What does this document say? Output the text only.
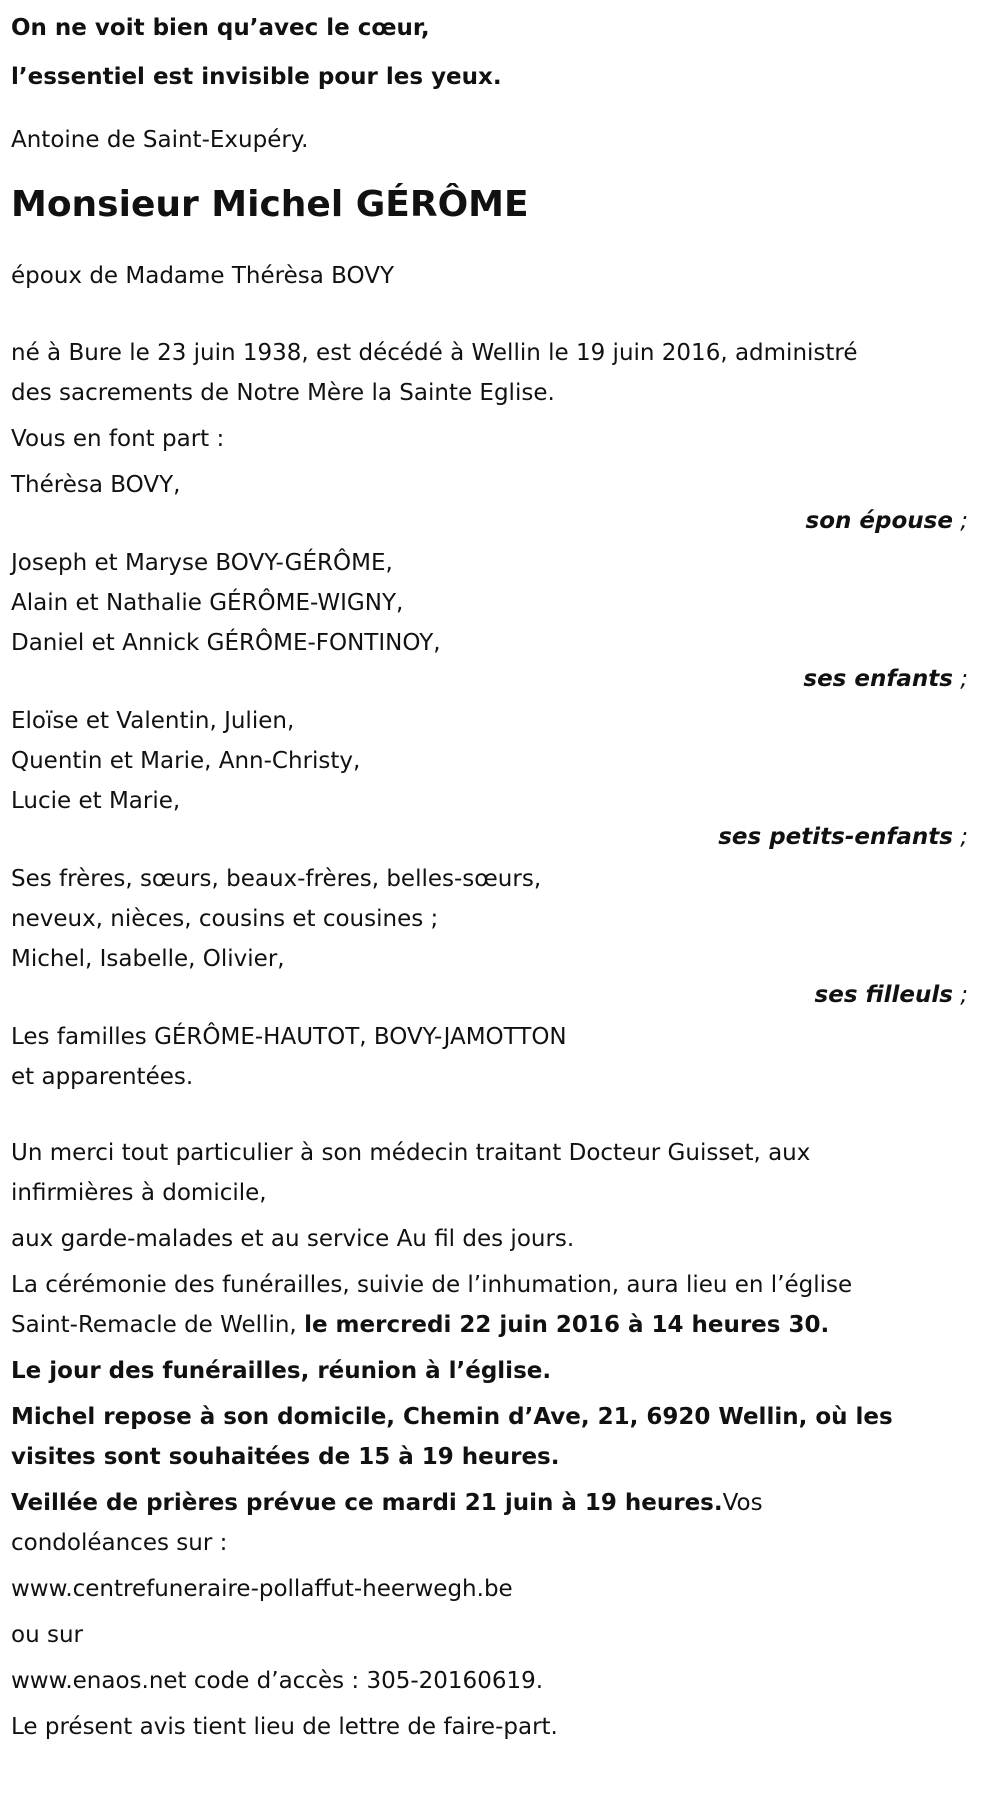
On ne voit bien qu’avec le cœur,
l’essentiel est invisible pour les yeux.
Antoine de Saint-Exupéry.
Monsieur Michel GÉRÔME
époux de Madame Thérèsa BOVY
né à Bure le 23 juin 1938, est décédé à Wellin le 19 juin 2016, administré
des sacrements de Notre Mère la Sainte Eglise.
Vous en font part :
Thérèsa BOVY,
son épouse ;
Joseph et Maryse BOVY-GÉRÔME,
Alain et Nathalie GÉRÔME-WIGNY,
Daniel et Annick GÉRÔME-FONTINOY,
ses enfants ;
Eloïse et Valentin, Julien,
Quentin et Marie, Ann-Christy,
Lucie et Marie,
ses petits-enfants ;
Ses frères, sœurs, beaux-frères, belles-sœurs,
neveux, nièces, cousins et cousines ;
Michel, Isabelle, Olivier,
ses filleuls ;
Les familles GÉRÔME-HAUTOT, BOVY-JAMOTTON
et apparentées.
Un merci tout particulier à son médecin traitant Docteur Guisset, aux
infirmières à domicile,
aux garde-malades et au service Au fil des jours.
La cérémonie des funérailles, suivie de l’inhumation, aura lieu en l’église
Saint-Remacle de Wellin, le mercredi 22 juin 2016 à 14 heures 30.
Le jour des funérailles, réunion à l’église.
Michel repose à son domicile, Chemin d’Ave, 21, 6920 Wellin, où les
visites sont souhaitées de 15 à 19 heures.
Veillée de prières prévue ce mardi 21 juin à 19 heures.Vos
condoléances sur :
www.centrefuneraire-pollaffut-heerwegh.be
ou sur
www.enaos.net code d’accès : 305-20160619.
Le présent avis tient lieu de lettre de faire-part.
